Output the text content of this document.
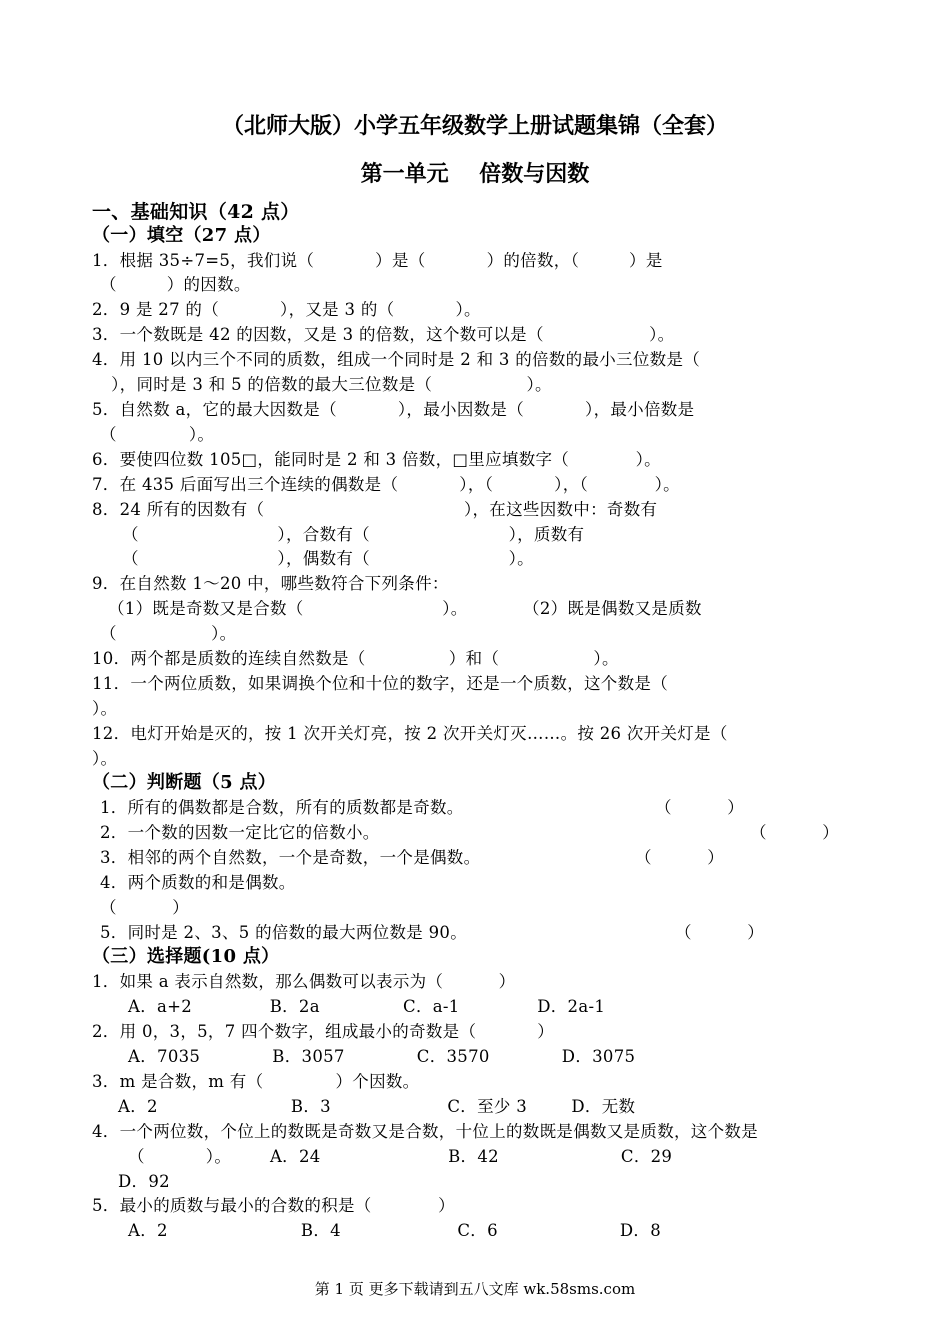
（北师大版）小学五年级数学上册试题集锦（全套）
第一单元    倍数与因数
一、基础知识（42 点）
（一）填空（27 点）
1．根据 35÷7=5，我们说（           ）是（           ）的倍数，（         ）是
（         ）的因数。
2．9 是 27 的（           ），又是 3 的（           ）。
3．一个数既是 42 的因数，又是 3 的倍数，这个数可以是（                   ）。
4．用 10 以内三个不同的质数，组成一个同时是 2 和 3 的倍数的最小三位数是（
），同时是 3 和 5 的倍数的最大三位数是（                 ）。
5．自然数 a，它的最大因数是（           ），最小因数是（           ），最小倍数是
（             ）。
6．要使四位数 105□，能同时是 2 和 3 倍数，□里应填数字（            ）。
7．在 435 后面写出三个连续的偶数是（           ），（           ），（            ）。
8．24 所有的因数有（                                    ），在这些因数中：奇数有
（                         ），合数有（                         ），质数有
（                         ），偶数有（                         ）。
9．在自然数 1～20 中，哪些数符合下列条件：
（1）既是奇数又是合数（                         ）。          （2）既是偶数又是质数
（                 ）。
10．两个都是质数的连续自然数是（               ）和（                 ）。
11．一个两位质数，如果调换个位和十位的数字，还是一个质数，这个数是（
）。
12．电灯开始是灭的，按 1 次开关灯亮，按 2 次开关灯灭……。按 26 次开关灯是（
）。
（二）判断题（5 点）
1．所有的偶数都是合数，所有的质数都是奇数。	（          ）
2．一个数的因数一定比它的倍数小。	（          ）
3．相邻的两个自然数，一个是奇数，一个是偶数。	（          ）
4．两个质数的和是偶数。
（          ）
5．同时是 2、3、5 的倍数的最大两位数是 90。	（          ）
（三）选择题(10 点）
1．如果 a 表示自然数，那么偶数可以表示为（          ）
A．a+2              B．2a               C．a-1              D．2a-1
2．用 0，3，5，7 四个数字，组成最小的奇数是（           ）
A．7035             B．3057             C．3570             D．3075
3．m 是合数，m 有（             ）个因数。
A．2                        B．3                     C．至少 3        D．无数
4．一个两位数，个位上的数既是奇数又是合数，十位上的数既是偶数又是质数，这个数是
（           ）。       A．24                       B．42                      C．29
D．92
5．最小的质数与最小的合数的积是（            ）
A．2                        B．4                     C．6                      D．8
第 1 页 更多下载请到五八文库 wk.58sms.com
